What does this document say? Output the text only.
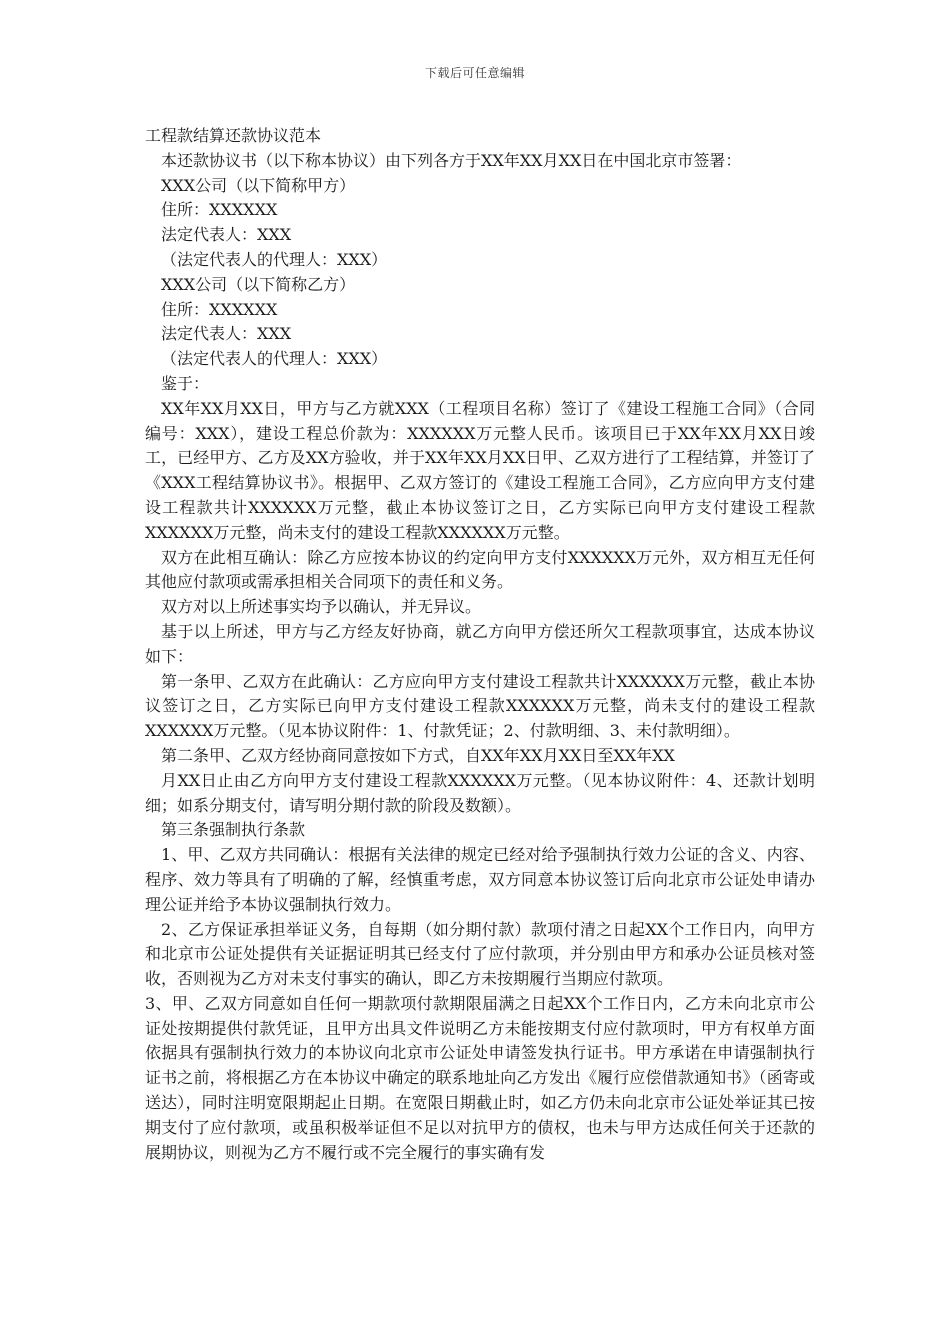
下载后可任意编辑

工程款结算还款协议范本

本还款协议书（以下称本协议）由下列各方于XX年XX月XX日在中国北京市签署：

XXX公司（以下简称甲方）

住所：XXXXXX

法定代表人：XXX

（法定代表人的代理人：XXX）

XXX公司（以下简称乙方）

住所：XXXXXX

法定代表人：XXX

（法定代表人的代理人：XXX）

鉴于：

XX年XX月XX日，甲方与乙方就XXX（工程项目名称）签订了《建设工程施工合同》（合同编号：XXX），建设工程总价款为：XXXXXX万元整人民币。该项目已于XX年XX月XX日竣工，已经甲方、乙方及XX方验收，并于XX年XX月XX日甲、乙双方进行了工程结算，并签订了《XXX工程结算协议书》。根据甲、乙双方签订的《建设工程施工合同》，乙方应向甲方支付建设工程款共计XXXXXX万元整，截止本协议签订之日，乙方实际已向甲方支付建设工程款XXXXXX万元整，尚未支付的建设工程款XXXXXX万元整。

双方在此相互确认：除乙方应按本协议的约定向甲方支付XXXXXX万元外，双方相互无任何其他应付款项或需承担相关合同项下的责任和义务。

双方对以上所述事实均予以确认，并无异议。

基于以上所述，甲方与乙方经友好协商，就乙方向甲方偿还所欠工程款项事宜，达成本协议如下：

第一条甲、乙双方在此确认：乙方应向甲方支付建设工程款共计XXXXXX万元整，截止本协议签订之日，乙方实际已向甲方支付建设工程款XXXXXX万元整，尚未支付的建设工程款XXXXXX万元整。（见本协议附件：1、付款凭证；2、付款明细、3、未付款明细）。

第二条甲、乙双方经协商同意按如下方式，自XX年XX月XX日至XX年XX

月XX日止由乙方向甲方支付建设工程款XXXXXX万元整。（见本协议附件：4、还款计划明细；如系分期支付，请写明分期付款的阶段及数额）。

第三条强制执行条款

1、甲、乙双方共同确认：根据有关法律的规定已经对给予强制执行效力公证的含义、内容、程序、效力等具有了明确的了解，经慎重考虑，双方同意本协议签订后向北京市公证处申请办理公证并给予本协议强制执行效力。

2、乙方保证承担举证义务，自每期（如分期付款）款项付清之日起XX个工作日内，向甲方和北京市公证处提供有关证据证明其已经支付了应付款项，并分别由甲方和承办公证员核对签收，否则视为乙方对未支付事实的确认，即乙方未按期履行当期应付款项。

3、甲、乙双方同意如自任何一期款项付款期限届满之日起XX个工作日内，乙方未向北京市公证处按期提供付款凭证，且甲方出具文件说明乙方未能按期支付应付款项时，甲方有权单方面依据具有强制执行效力的本协议向北京市公证处申请签发执行证书。甲方承诺在申请强制执行证书之前，将根据乙方在本协议中确定的联系地址向乙方发出《履行应偿借款通知书》（函寄或送达），同时注明宽限期起止日期。在宽限日期截止时，如乙方仍未向北京市公证处举证其已按期支付了应付款项，或虽积极举证但不足以对抗甲方的债权，也未与甲方达成任何关于还款的展期协议，则视为乙方不履行或不完全履行的事实确有发
